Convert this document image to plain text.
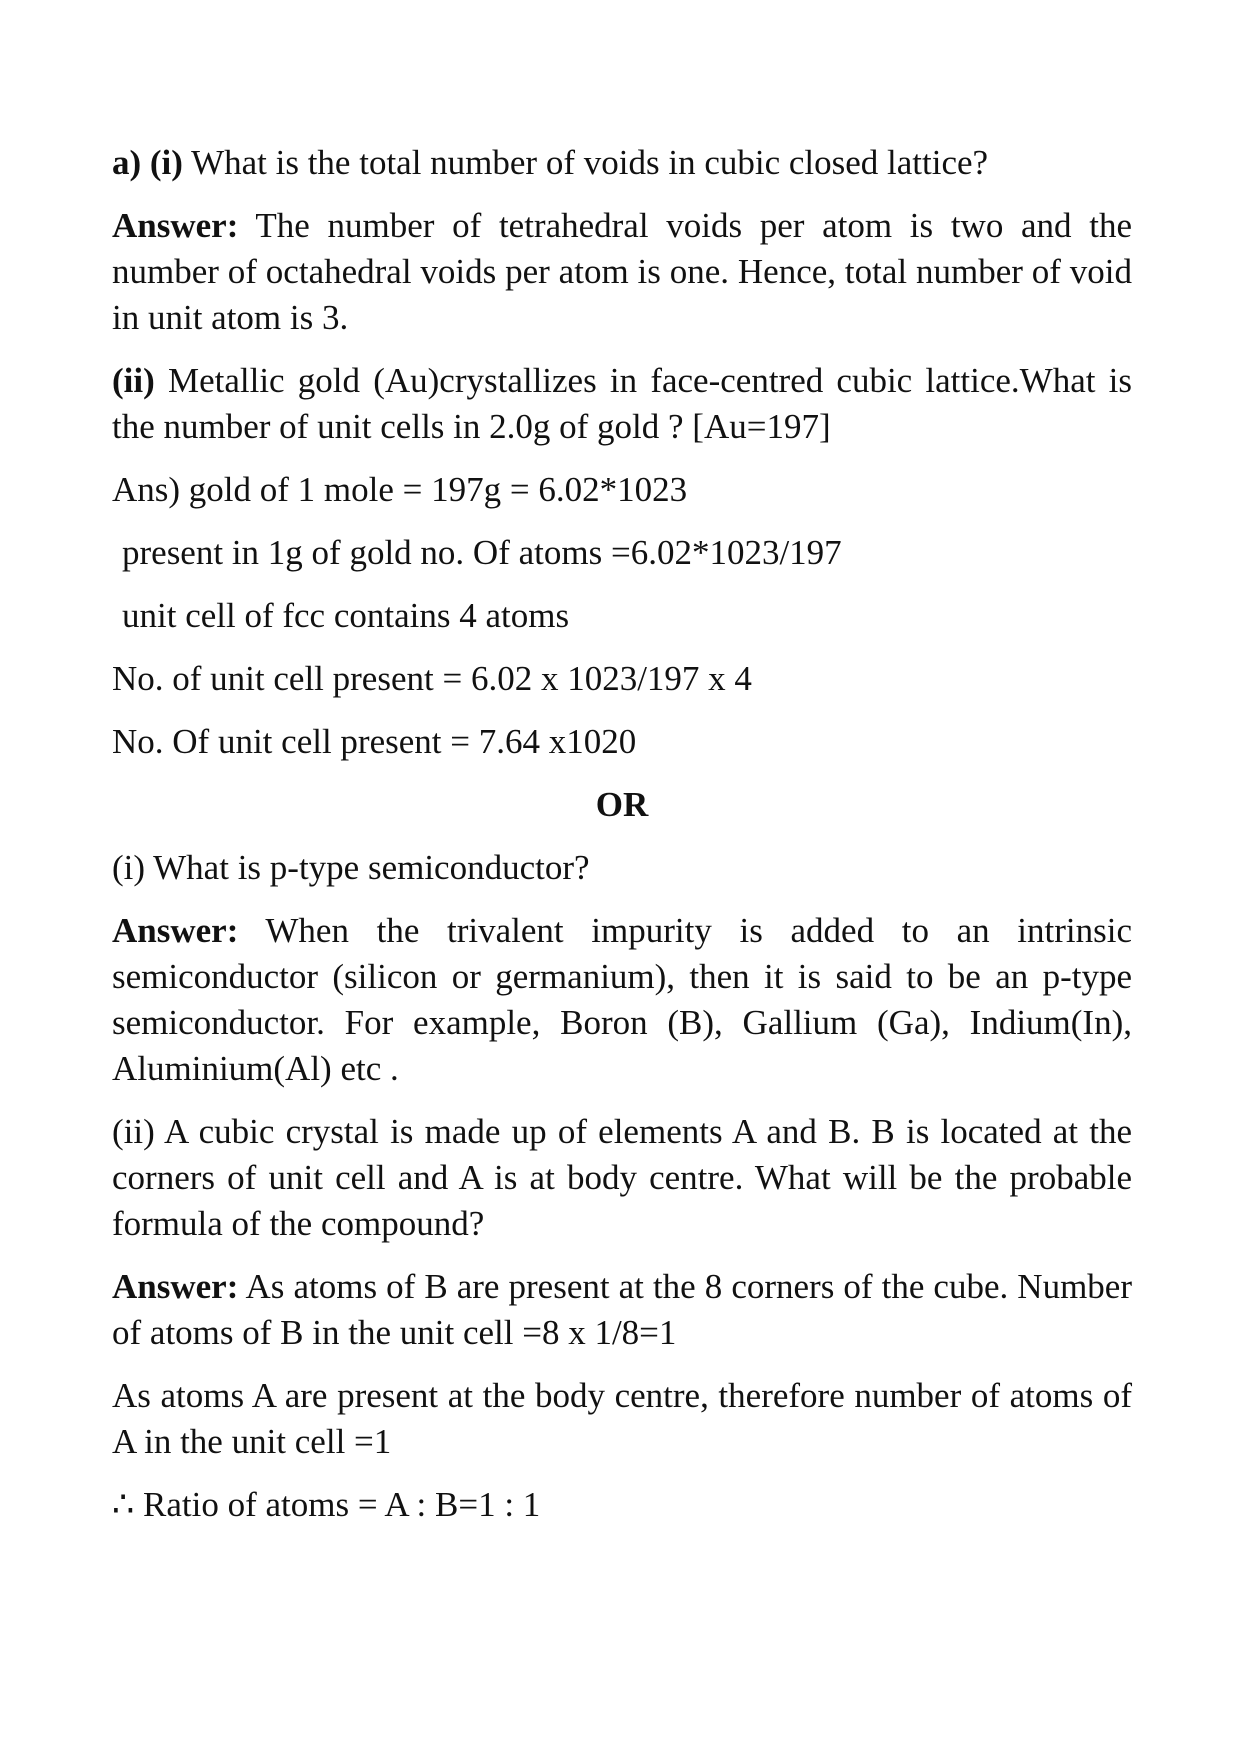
a) (i) What is the total number of voids in cubic closed lattice?

Answer: The number of tetrahedral voids per atom is two and the number of octahedral voids per atom is one. Hence, total number of void in unit atom is 3.

(ii) Metallic gold (Au)crystallizes in face-centred cubic lattice.What is the number of unit cells in 2.0g of gold ? [Au=197]

Ans) gold of 1 mole = 197g = 6.02*1023

present in 1g of gold no. Of atoms =6.02*1023/197

unit cell of fcc contains 4 atoms

No. of unit cell present = 6.02 x 1023/197 x 4

No. Of unit cell present = 7.64 x1020

OR

(i) What is p-type semiconductor?

Answer: When the trivalent impurity is added to an intrinsic semiconductor (silicon or germanium), then it is said to be an p-type semiconductor. For example, Boron (B), Gallium (Ga), Indium(In), Aluminium(Al) etc .

(ii) A cubic crystal is made up of elements A and B. B is located at the corners of unit cell and A is at body centre. What will be the probable formula of the compound?

Answer: As atoms of B are present at the 8 corners of the cube. Number of atoms of B in the unit cell =8 x 1/8=1

As atoms A are present at the body centre, therefore number of atoms of A in the unit cell =1

∴ Ratio of atoms = A : B=1 : 1
